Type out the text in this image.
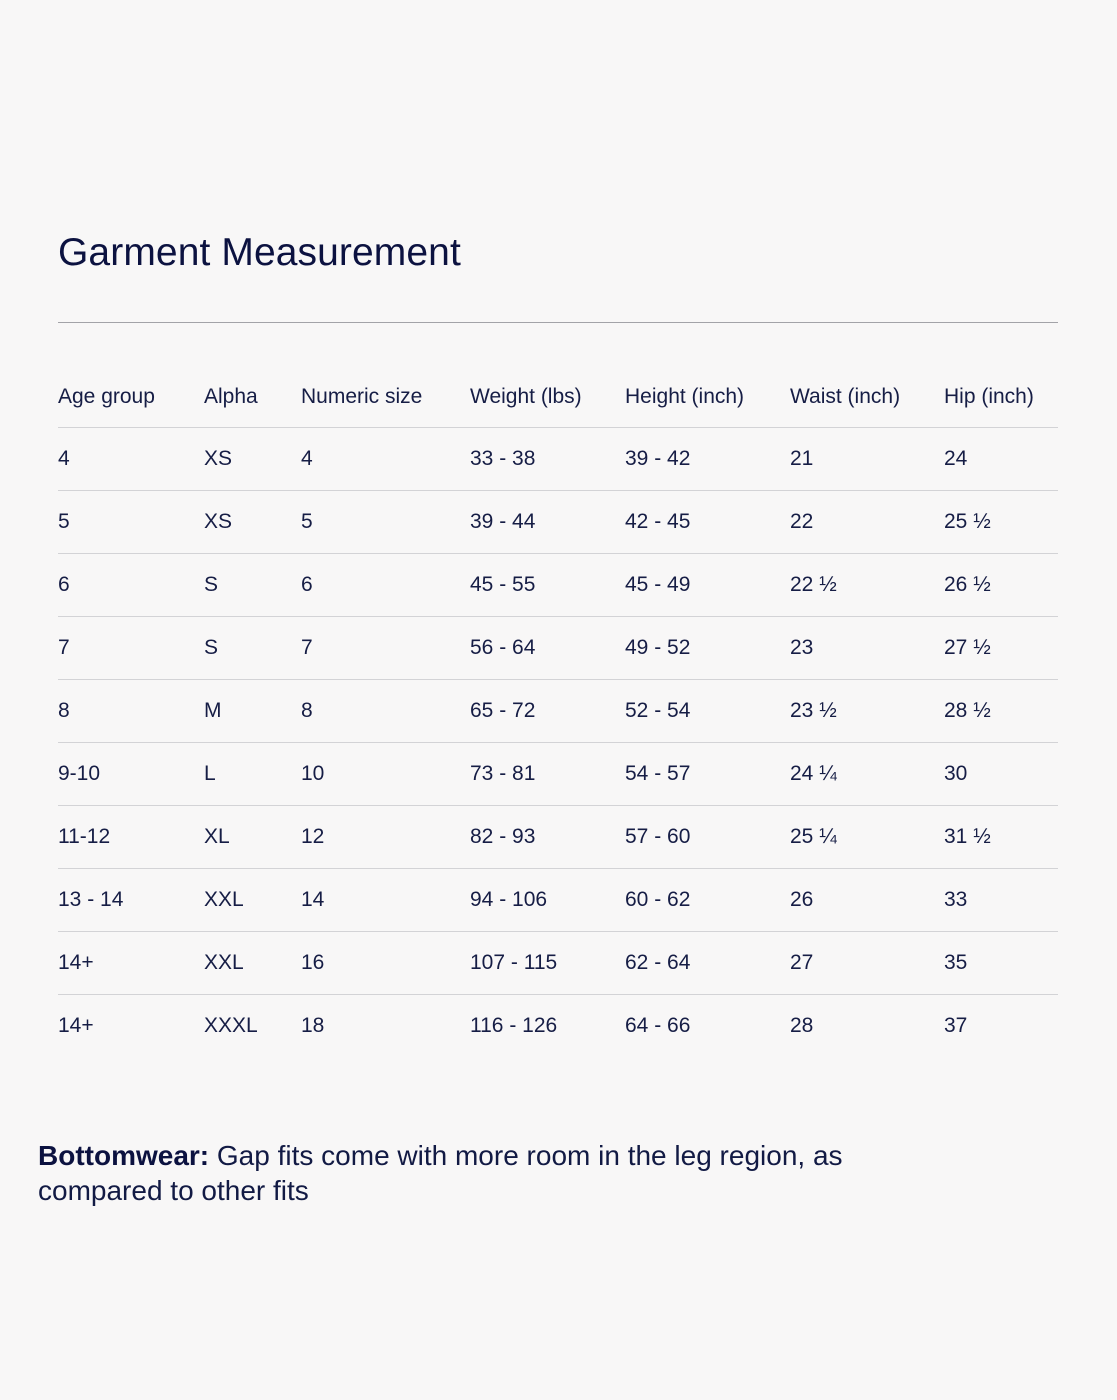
Garment Measurement
Age group	Alpha	Numeric size	Weight (lbs)	Height (inch)	Waist (inch)	Hip (inch)
4	XS	4	33 - 38	39 - 42	21	24
5	XS	5	39 - 44	42 - 45	22	25 ½
6	S	6	45 - 55	45 - 49	22 ½	26 ½
7	S	7	56 - 64	49 - 52	23	27 ½
8	M	8	65 - 72	52 - 54	23 ½	28 ½
9-10	L	10	73 - 81	54 - 57	24 ¼	30
11-12	XL	12	82 - 93	57 - 60	25 ¼	31 ½
13 - 14	XXL	14	94 - 106	60 - 62	26	33
14+	XXL	16	107 - 115	62 - 64	27	35
14+	XXXL	18	116 - 126	64 - 66	28	37

Bottomwear: Gap fits come with more room in the leg region, as compared to other fits
